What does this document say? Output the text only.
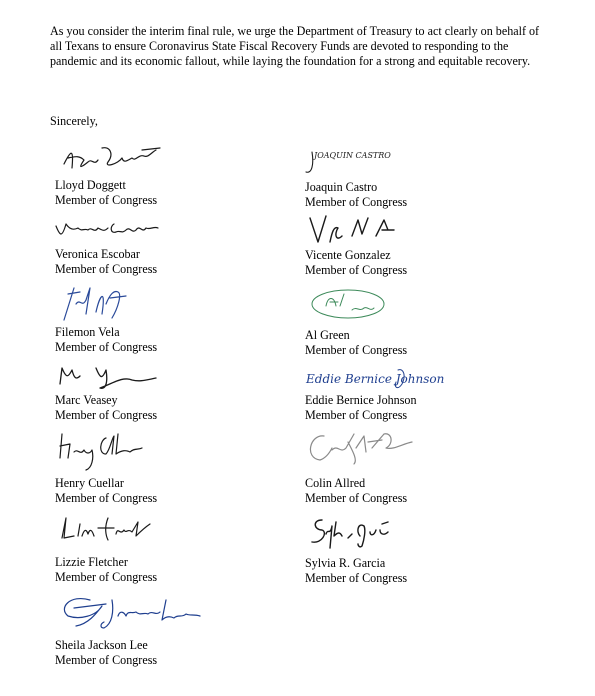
As you consider the interim final rule, we urge the Department of Treasury to act clearly on behalf of all Texans to ensure Coronavirus State Fiscal Recovery Funds are devoted to responding to the pandemic and its economic fallout, while laying the foundation for a strong and equitable recovery.

Sincerely,

Lloyd Doggett
Member of Congress
JOAQUIN CASTRO
Joaquin Castro
Member of Congress
Veronica Escobar
Member of Congress
Vicente Gonzalez
Member of Congress
Filemon Vela
Member of Congress
Al Green
Member of Congress
Marc Veasey
Member of Congress
Eddie Bernice Johnson
Eddie Bernice Johnson
Member of Congress
Henry Cuellar
Member of Congress
Colin Allred
Member of Congress
Lizzie Fletcher
Member of Congress
Sylvia R. Garcia
Member of Congress
Sheila Jackson Lee
Member of Congress
